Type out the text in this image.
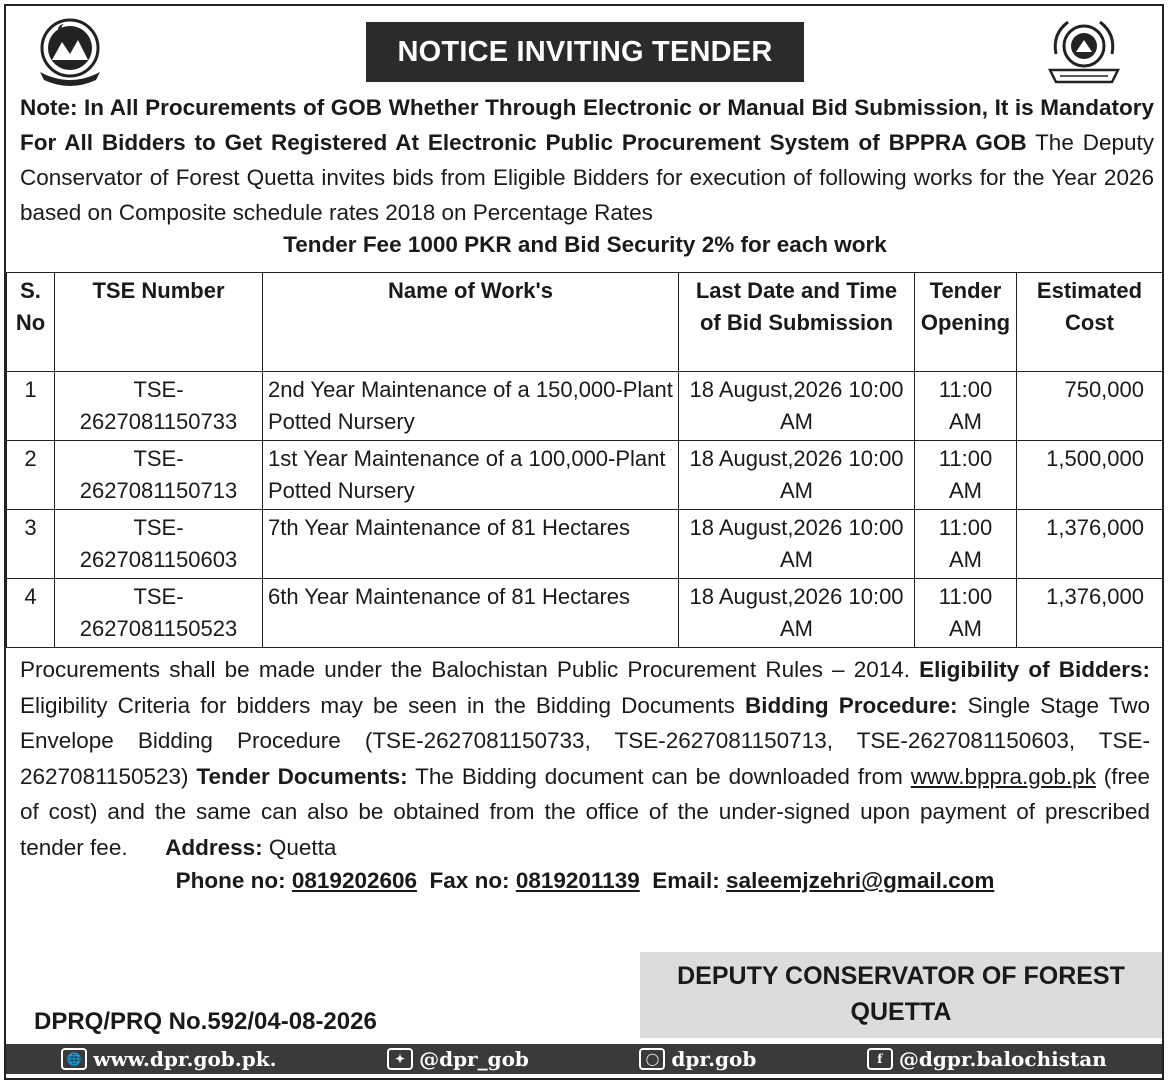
NOTICE INVITING TENDER
Note: In All Procurements of GOB Whether Through Electronic or Manual Bid Submission, It is Mandatory For All Bidders to Get Registered At Electronic Public Procurement System of BPPRA GOB The Deputy Conservator of Forest Quetta invites bids from Eligible Bidders for execution of following works for the Year 2026 based on Composite schedule rates 2018 on Percentage Rates
Tender Fee 1000 PKR and Bid Security 2% for each work
S. No	TSE Number	Name of Work's	Last Date and Time of Bid Submission	Tender Opening	Estimated Cost
1	TSE-2627081150733	2nd Year Maintenance of a 150,000-Plant Potted Nursery	18 August,2026 10:00 AM	11:00 AM	750,000
2	TSE-2627081150713	1st Year Maintenance of a 100,000-Plant Potted Nursery	18 August,2026 10:00 AM	11:00 AM	1,500,000
3	TSE-2627081150603	7th Year Maintenance of 81 Hectares	18 August,2026 10:00 AM	11:00 AM	1,376,000
4	TSE-2627081150523	6th Year Maintenance of 81 Hectares	18 August,2026 10:00 AM	11:00 AM	1,376,000
Procurements shall be made under the Balochistan Public Procurement Rules – 2014. Eligibility of Bidders: Eligibility Criteria for bidders may be seen in the Bidding Documents Bidding Procedure: Single Stage Two Envelope Bidding Procedure (TSE-2627081150733, TSE-2627081150713, TSE-2627081150603, TSE-2627081150523) Tender Documents: The Bidding document can be downloaded from www.bppra.gob.pk (free of cost) and the same can also be obtained from the office of the under-signed upon payment of prescribed tender fee. Address: Quetta
Phone no: 0819202606 Fax no: 0819201139 Email: saleemjzehri@gmail.com
DEPUTY CONSERVATOR OF FOREST
QUETTA
DPRQ/PRQ No.592/04-08-2026
🌐 www.dpr.gob.pk.	✦ @dpr_gob	◯ dpr.gob	f @dgpr.balochistan
